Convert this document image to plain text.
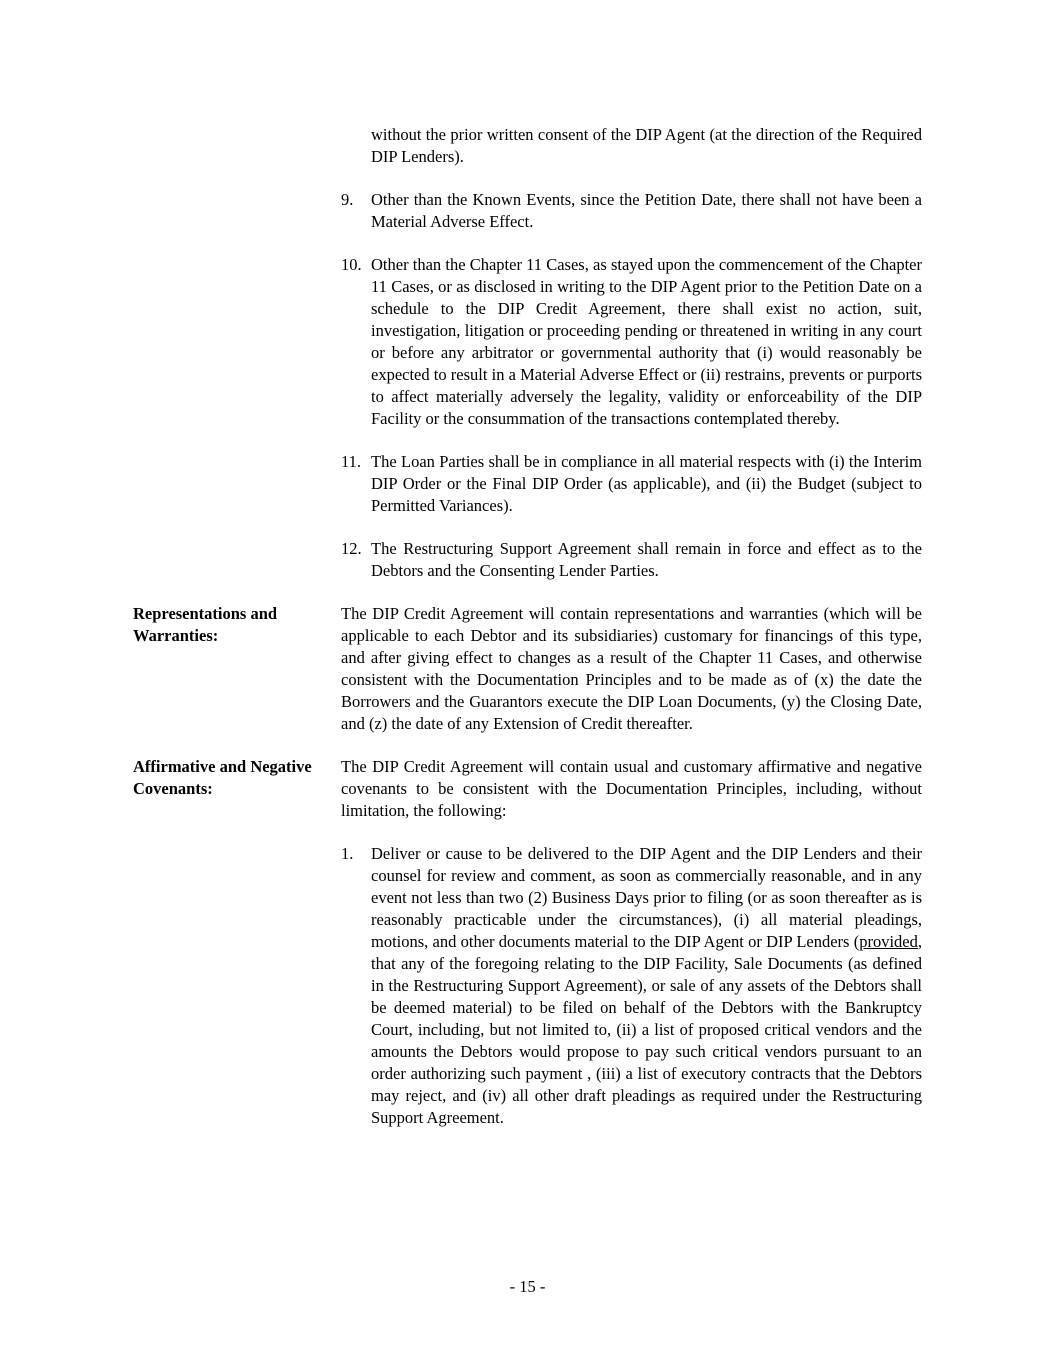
without the prior written consent of the DIP Agent (at the direction of the Required DIP Lenders).

9.	Other than the Known Events, since the Petition Date, there shall not have been a Material Adverse Effect.

10. Other than the Chapter 11 Cases, as stayed upon the commencement of the Chapter 11 Cases, or as disclosed in writing to the DIP Agent prior to the Petition Date on a schedule to the DIP Credit Agreement, there shall exist no action, suit, investigation, litigation or proceeding pending or threatened in writing in any court or before any arbitrator or governmental authority that (i) would reasonably be expected to result in a Material Adverse Effect or (ii) restrains, prevents or purports to affect materially adversely the legality, validity or enforceability of the DIP Facility or the consummation of the transactions contemplated thereby.

11. The Loan Parties shall be in compliance in all material respects with (i) the Interim DIP Order or the Final DIP Order (as applicable), and (ii) the Budget (subject to Permitted Variances).

12. The Restructuring Support Agreement shall remain in force and effect as to the Debtors and the Consenting Lender Parties.

Representations and Warranties:

The DIP Credit Agreement will contain representations and warranties (which will be applicable to each Debtor and its subsidiaries) customary for financings of this type, and after giving effect to changes as a result of the Chapter 11 Cases, and otherwise consistent with the Documentation Principles and to be made as of (x) the date the Borrowers and the Guarantors execute the DIP Loan Documents, (y) the Closing Date, and (z) the date of any Extension of Credit thereafter.

Affirmative and Negative Covenants:

The DIP Credit Agreement will contain usual and customary affirmative and negative covenants to be consistent with the Documentation Principles, including, without limitation, the following:

1.	Deliver or cause to be delivered to the DIP Agent and the DIP Lenders and their counsel for review and comment, as soon as commercially reasonable, and in any event not less than two (2) Business Days prior to filing (or as soon thereafter as is reasonably practicable under the circumstances), (i) all material pleadings, motions, and other documents material to the DIP Agent or DIP Lenders (provided, that any of the foregoing relating to the DIP Facility, Sale Documents (as defined in the Restructuring Support Agreement), or sale of any assets of the Debtors shall be deemed material) to be filed on behalf of the Debtors with the Bankruptcy Court, including, but not limited to, (ii) a list of proposed critical vendors and the amounts the Debtors would propose to pay such critical vendors pursuant to an order authorizing such payment , (iii) a list of executory contracts that the Debtors may reject, and (iv) all other draft pleadings as required under the Restructuring Support Agreement.

- 15 -
